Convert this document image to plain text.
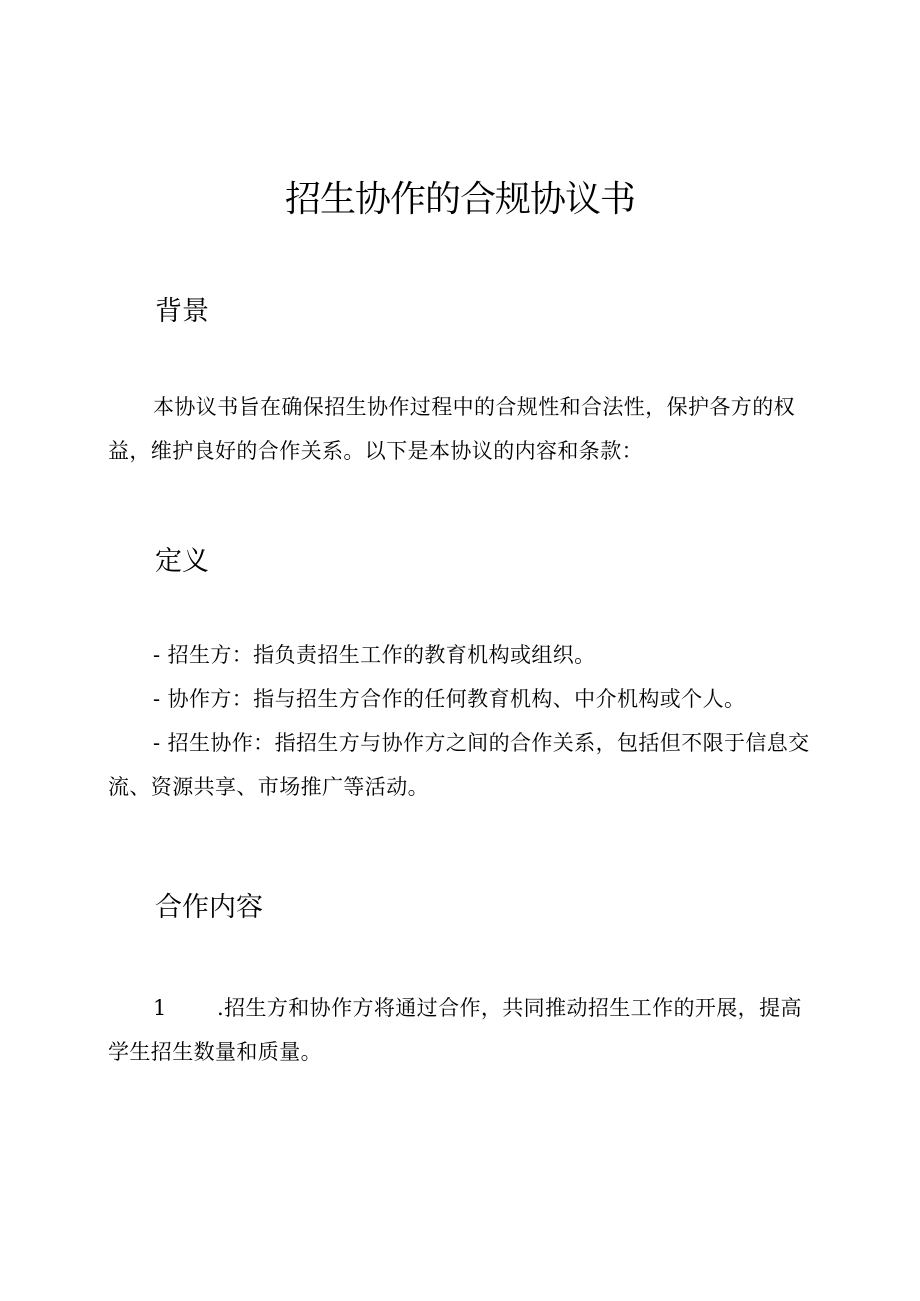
招生协作的合规协议书
背景

本协议书旨在确保招生协作过程中的合规性和合法性，保护各方的权益，维护良好的合作关系。以下是本协议的内容和条款：

定义
- 招生方：指负责招生工作的教育机构或组织。
- 协作方：指与招生方合作的任何教育机构、中介机构或个人。
- 招生协作：指招生方与协作方之间的合作关系，包括但不限于信息交流、资源共享、市场推广等活动。
合作内容

1 .招生方和协作方将通过合作，共同推动招生工作的开展，提高学生招生数量和质量。
